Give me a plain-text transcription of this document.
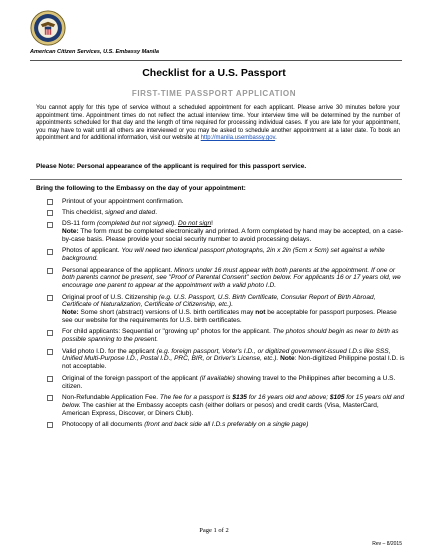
American Citizen Services, U.S. Embassy Manila
Checklist for a U.S. Passport
FIRST-TIME PASSPORT APPLICATION
You cannot apply for this type of service without a scheduled appointment for each applicant. Please arrive 30 minutes before your appointment time. Appointment times do not reflect the actual interview time. Your interview time will be determined by the number of appointments scheduled for that day and the length of time required for processing individual cases. If you are late for your appointment, you may have to wait until all others are interviewed or you may be asked to schedule another appointment at a later date. To book an appointment and for additional information, visit our website at http://manila.usembassy.gov.
Please Note: Personal appearance of the applicant is required for this passport service.
Bring the following to the Embassy on the day of your appointment:
Printout of your appointment confirmation.
This checklist, signed and dated.
DS-11 form (completed but not signed). Do not sign!
Note: The form must be completed electronically and printed. A form completed by hand may be accepted, on a case-by-case basis. Please provide your social security number to avoid processing delays.
Photos of applicant. You will need two identical passport photographs, 2in x 2in (5cm x 5cm) set against a white background.
Personal appearance of the applicant. Minors under 16 must appear with both parents at the appointment. If one or both parents cannot be present, see "Proof of Parental Consent" section below. For applicants 16 or 17 years old, we encourage one parent to appear at the appointment with a valid photo I.D.
Original proof of U.S. Citizenship (e.g. U.S. Passport, U.S. Birth Certificate, Consular Report of Birth Abroad, Certificate of Naturalization, Certificate of Citizenship, etc.).
Note: Some short (abstract) versions of U.S. birth certificates may not be acceptable for passport purposes. Please see our website for the requirements for U.S. birth certificates.
For child applicants: Sequential or "growing up" photos for the applicant. The photos should begin as near to birth as possible spanning to the present.
Valid photo I.D. for the applicant (e.g. foreign passport, Voter's I.D., or digitized government-issued I.D.s like SSS, Unified Multi-Purpose I.D., Postal I.D., PRC, BIR, or Driver's License, etc.). Note: Non-digitized Philippine postal I.D. is not acceptable.
Original of the foreign passport of the applicant (if available) showing travel to the Philippines after becoming a U.S. citizen.
Non-Refundable Application Fee. The fee for a passport is $135 for 16 years old and above; $105 for 15 years old and below. The cashier at the Embassy accepts cash (either dollars or pesos) and credit cards (Visa, MasterCard, American Express, Discover, or Diners Club).
Photocopy of all documents (front and back side all I.D.s preferably on a single page)
Page 1 of 2
Rev – 8/2015
